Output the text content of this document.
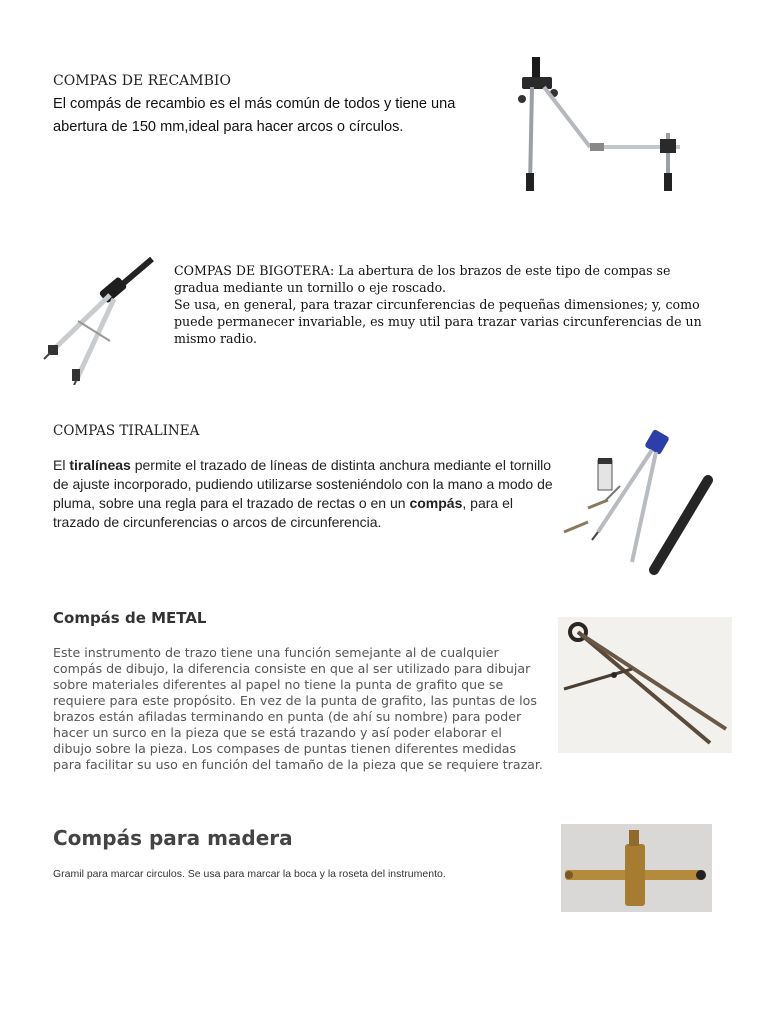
COMPAS DE RECAMBIO
El compás de recambio es el más común de todos y tiene una abertura de 150 mm,ideal para hacer arcos o círculos.
COMPAS DE BIGOTERA: La abertura de los brazos de este tipo de compas se gradua mediante un tornillo o eje roscado.
Se usa, en general, para trazar circunferencias de pequeñas dimensiones; y, como puede permanecer invariable, es muy util para trazar varias circunferencias de un mismo radio.
COMPAS TIRALINEA
El tiralíneas permite el trazado de líneas de distinta anchura mediante el tornillo de ajuste incorporado, pudiendo utilizarse sosteniéndolo con la mano a modo de pluma, sobre una regla para el trazado de rectas o en un compás, para el trazado de circunferencias o arcos de circunferencia.
Compás de METAL
Este instrumento de trazo tiene una función semejante al de cualquier compás de dibujo, la diferencia consiste en que al ser utilizado para dibujar sobre materiales diferentes al papel no tiene la punta de grafito que se requiere para este propósito. En vez de la punta de grafito, las puntas de los brazos están afiladas terminando en punta (de ahí su nombre) para poder hacer un surco en la pieza que se está trazando y así poder elaborar el dibujo sobre la pieza. Los compases de puntas tienen diferentes medidas para facilitar su uso en función del tamaño de la pieza que se requiere trazar.
Compás para madera
Gramil para marcar circulos. Se usa para marcar la boca y la roseta del instrumento.
